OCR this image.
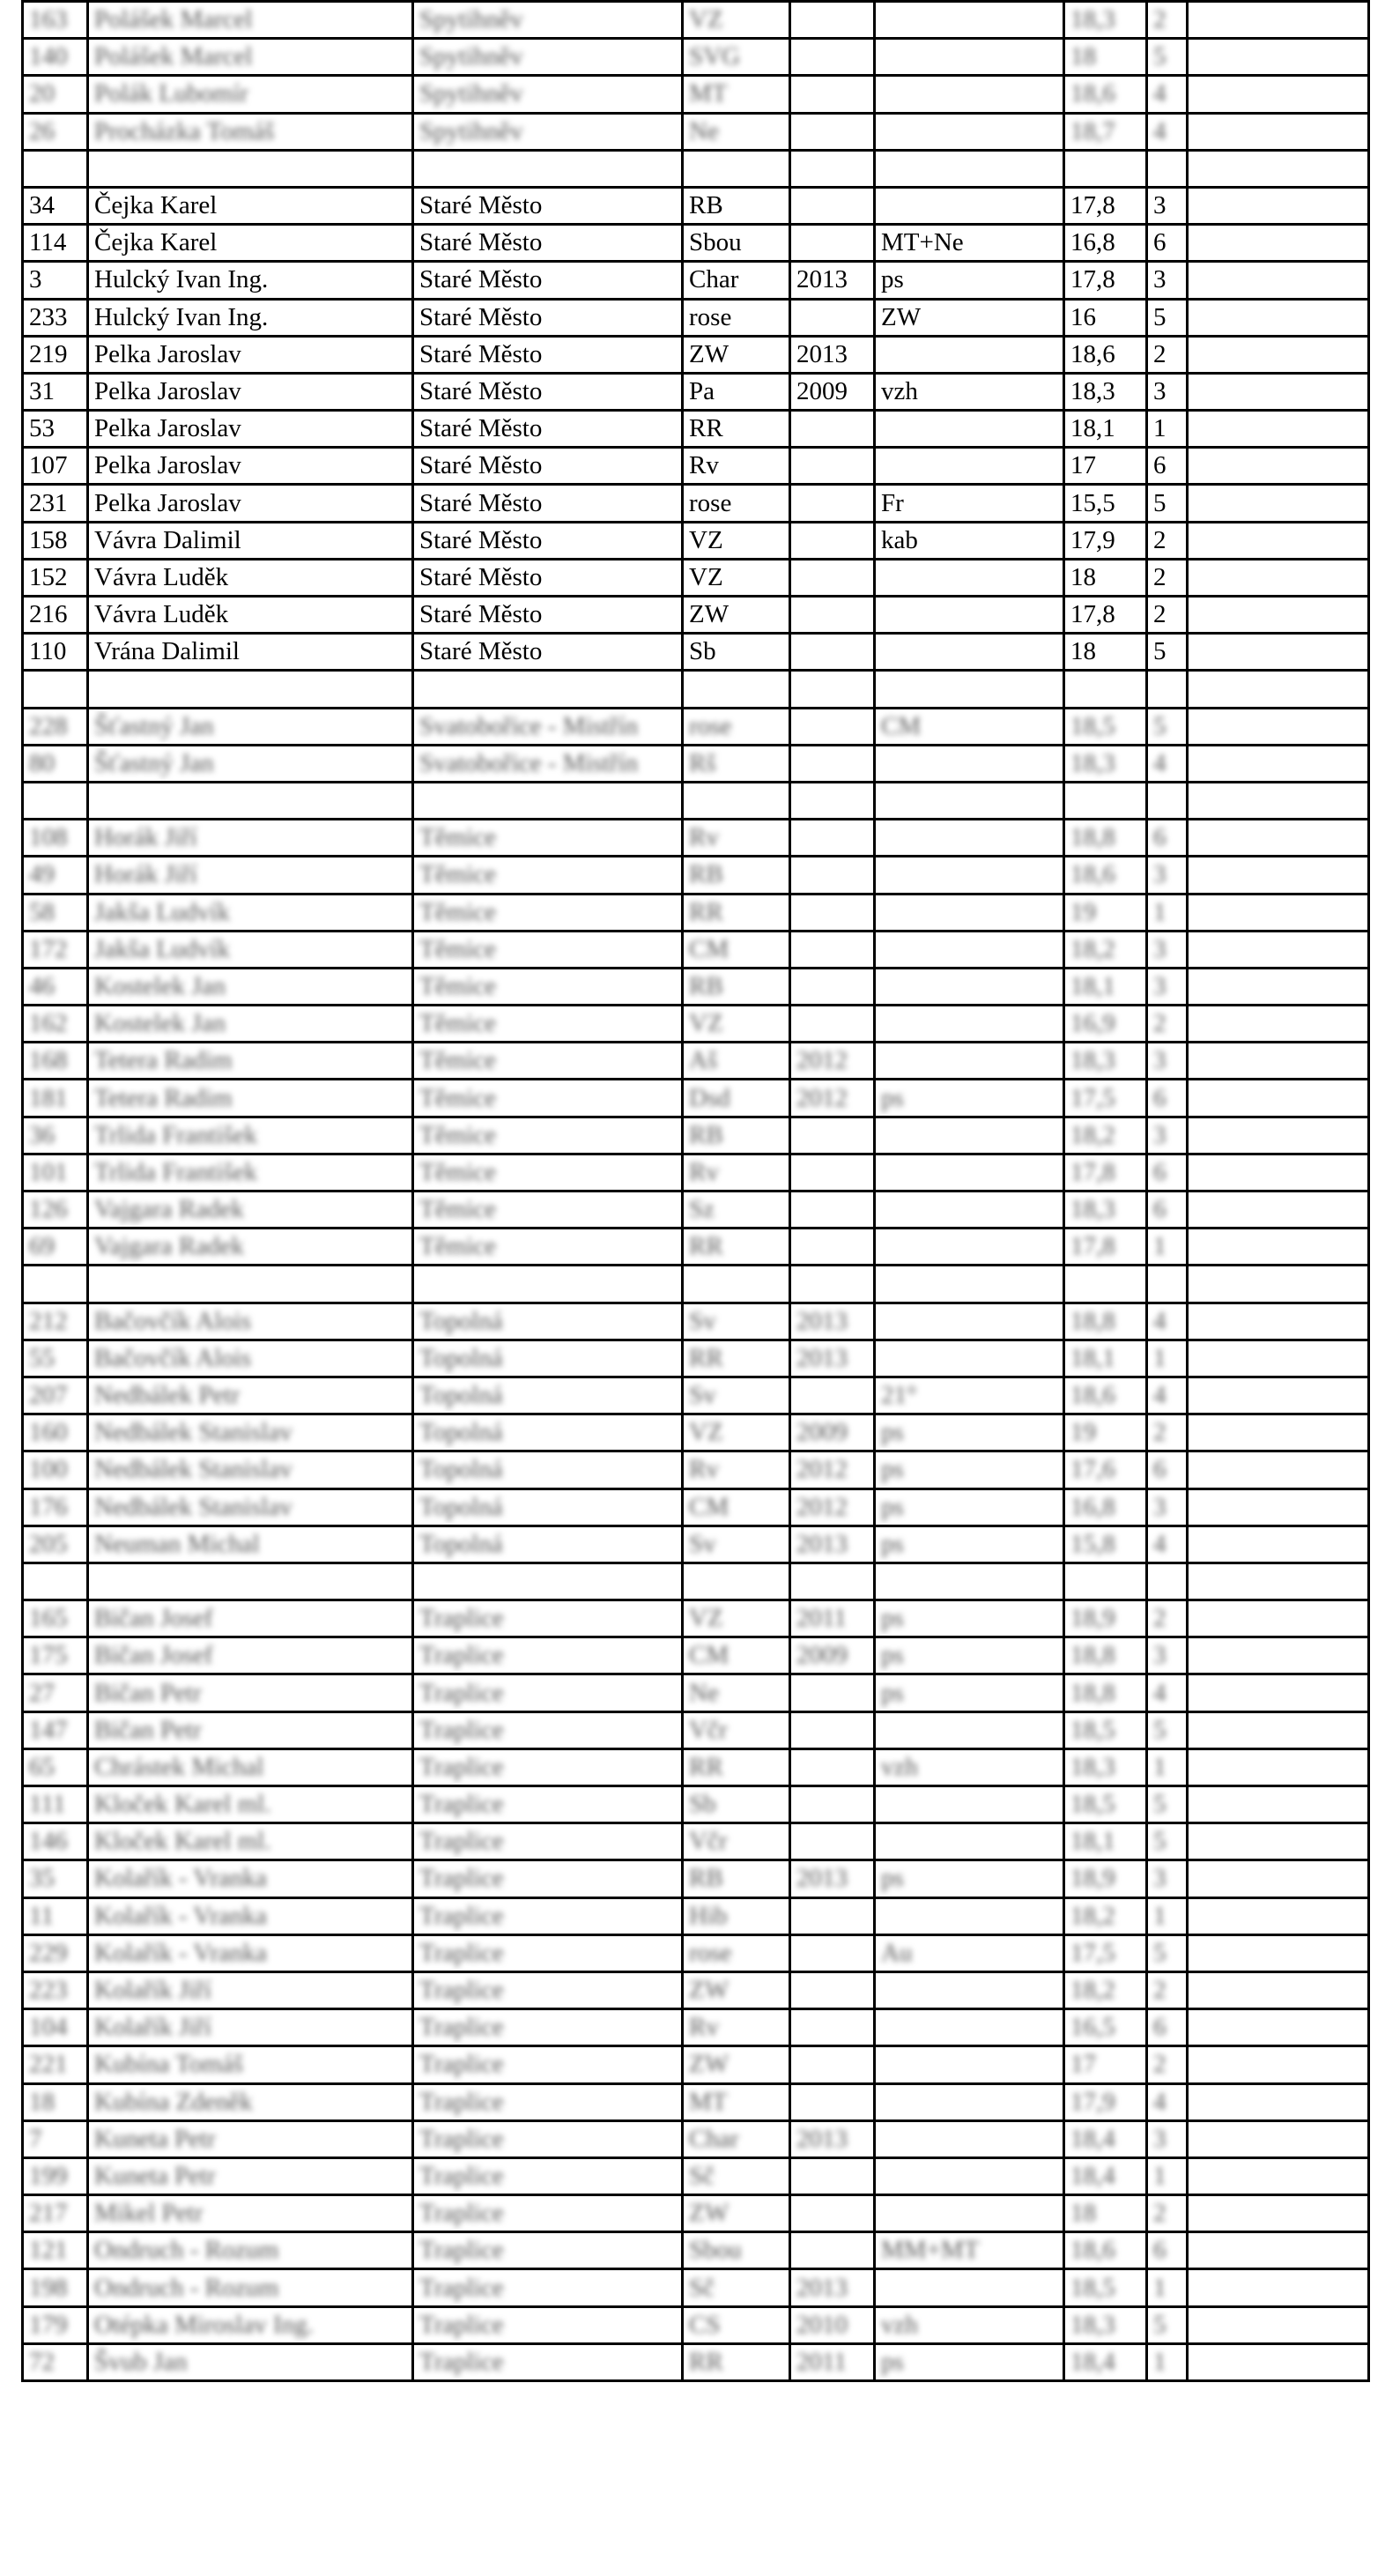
163	Polášek Marcel	Spytihněv	VZ			18,3	2	
140	Polášek Marcel	Spytihněv	SVG			18	5	
20	Polák Lubomír	Spytihněv	MT			18,6	4	
26	Procházka Tomáš	Spytihněv	Ne			18,7	4	

34	Čejka Karel	Staré Město	RB			17,8	3	
114	Čejka Karel	Staré Město	Sbou		MT+Ne	16,8	6	
3	Hulcký Ivan Ing.	Staré Město	Char	2013	ps	17,8	3	
233	Hulcký Ivan Ing.	Staré Město	rose		ZW	16	5	
219	Pelka Jaroslav	Staré Město	ZW	2013		18,6	2	
31	Pelka Jaroslav	Staré Město	Pa	2009	vzh	18,3	3	
53	Pelka Jaroslav	Staré Město	RR			18,1	1	
107	Pelka Jaroslav	Staré Město	Rv			17	6	
231	Pelka Jaroslav	Staré Město	rose		Fr	15,5	5	
158	Vávra Dalimil	Staré Město	VZ		kab	17,9	2	
152	Vávra Luděk	Staré Město	VZ			18	2	
216	Vávra Luděk	Staré Město	ZW			17,8	2	
110	Vrána Dalimil	Staré Město	Sb			18	5	

228	Šťastný Jan	Svatobořice - Mistřín	rose		CM	18,5	5	
80	Šťastný Jan	Svatobořice - Mistřín	Rš			18,3	4	

108	Horák Jiří	Těmice	Rv			18,8	6	
49	Horák Jiří	Těmice	RB			18,6	3	
58	Jakša Ludvík	Těmice	RR			19	1	
172	Jakša Ludvík	Těmice	CM			18,2	3	
46	Kostelek Jan	Těmice	RB			18,1	3	
162	Kostelek Jan	Těmice	VZ			16,9	2	
168	Tetera Radim	Těmice	Aš	2012		18,3	3	
181	Tetera Radim	Těmice	Dsd	2012	ps	17,5	6	
36	Trlida František	Těmice	RB			18,2	3	
101	Trlida František	Těmice	Rv			17,8	6	
126	Vajgara Radek	Těmice	Sz			18,3	6	
69	Vajgara Radek	Těmice	RR			17,8	1	

212	Bačovčík Alois	Topolná	Sv	2013		18,8	4	
55	Bačovčík Alois	Topolná	RR	2013		18,1	1	
207	Nedbálek Petr	Topolná	Sv		21°	18,6	4	
160	Nedbálek Stanislav	Topolná	VZ	2009	ps	19	2	
100	Nedbálek Stanislav	Topolná	Rv	2012	ps	17,6	6	
176	Nedbálek Stanislav	Topolná	CM	2012	ps	16,8	3	
205	Neuman Michal	Topolná	Sv	2013	ps	15,8	4	

165	Bičan Josef	Traplice	VZ	2011	ps	18,9	2	
175	Bičan Josef	Traplice	CM	2009	ps	18,8	3	
27	Bičan Petr	Traplice	Ne		ps	18,8	4	
147	Bičan Petr	Traplice	Včr			18,5	5	
65	Chrástek Michal	Traplice	RR		vzh	18,3	1	
111	Kloček Karel ml.	Traplice	Sb			18,5	5	
146	Kloček Karel ml.	Traplice	Včr			18,1	5	
35	Kolařík - Vranka	Traplice	RB	2013	ps	18,9	3	
11	Kolařík - Vranka	Traplice	Hib			18,2	1	
229	Kolařík - Vranka	Traplice	rose		Au	17,5	5	
223	Kolařík Jiří	Traplice	ZW			18,2	2	
104	Kolařík Jiří	Traplice	Rv			16,5	6	
221	Kubína Tomáš	Traplice	ZW			17	2	
18	Kubína Zdeněk	Traplice	MT			17,9	4	
7	Kuneta Petr	Traplice	Char	2013		18,4	3	
199	Kuneta Petr	Traplice	Sč			18,4	1	
217	Mikel Petr	Traplice	ZW			18	2	
121	Ondruch - Rozum	Traplice	Sbou		MM+MT	18,6	6	
198	Ondruch - Rozum	Traplice	Sč	2013		18,5	1	
179	Otépka Miroslav Ing.	Traplice	CS	2010	vzh	18,3	5	
72	Švub Jan	Traplice	RR	2011	ps	18,4	1	
